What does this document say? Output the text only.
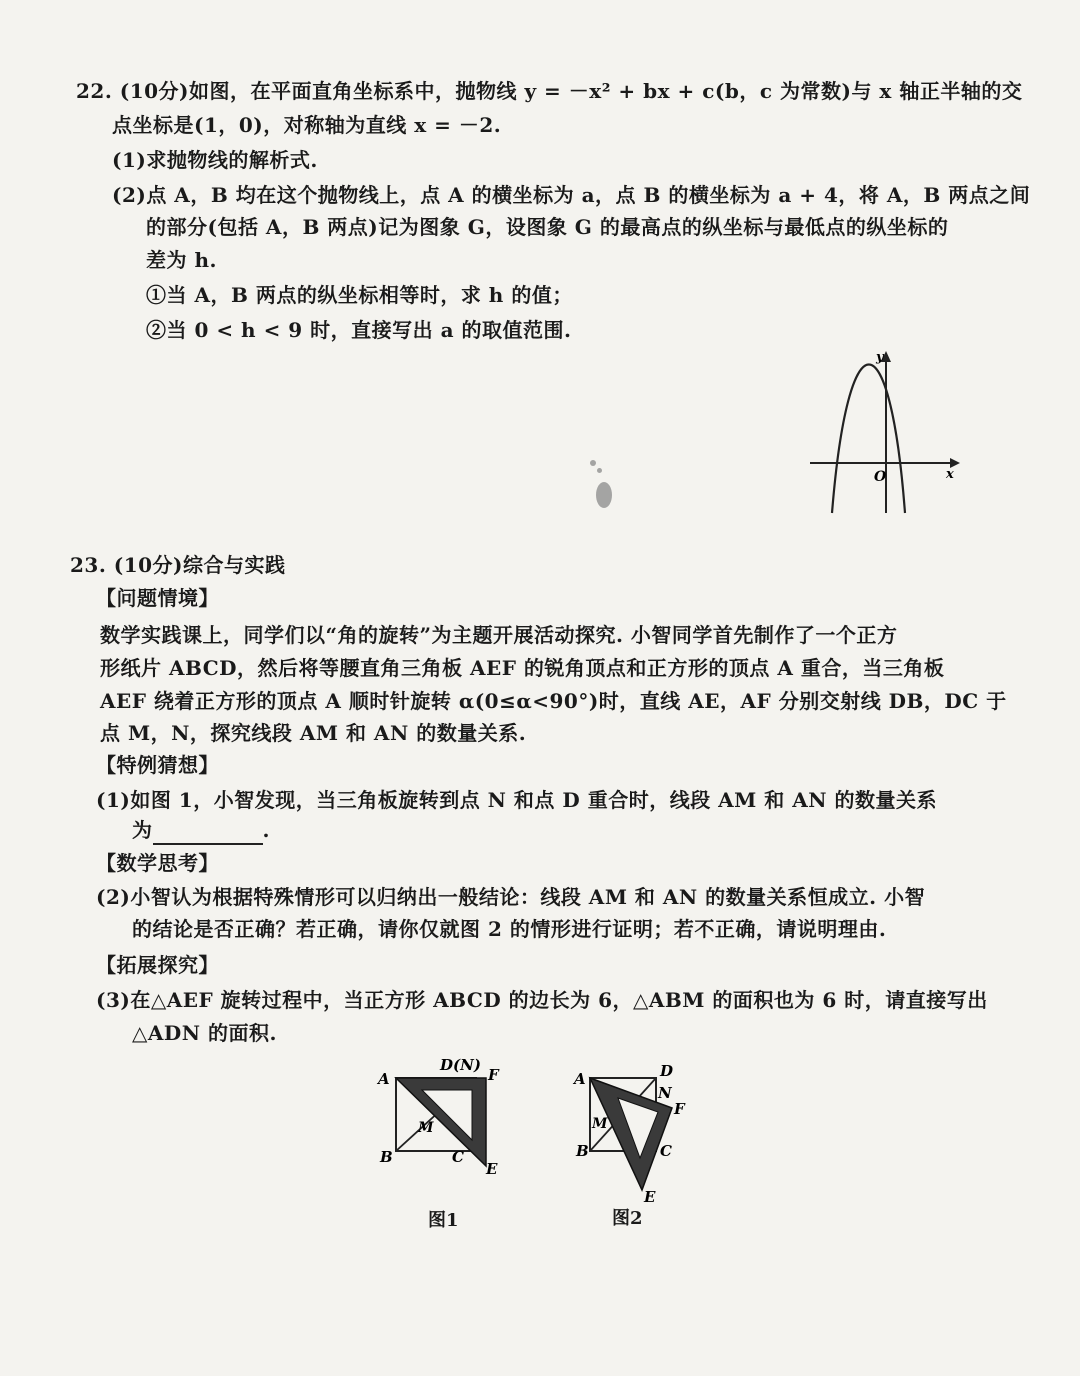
22. (10分)如图，在平面直角坐标系中，抛物线 y = －x² + bx + c(b，c 为常数)与 x 轴正半轴的交
点坐标是(1，0)，对称轴为直线 x = －2.
(1)求抛物线的解析式.
(2)点 A，B 均在这个抛物线上，点 A 的横坐标为 a，点 B 的横坐标为 a + 4，将 A，B 两点之间
的部分(包括 A，B 两点)记为图象 G，设图象 G 的最高点的纵坐标与最低点的纵坐标的
差为 h.
①当 A，B 两点的纵坐标相等时，求 h 的值；
②当 0 < h < 9 时，直接写出 a 的取值范围.
O
y
x
23. (10分)综合与实践
【问题情境】
数学实践课上，同学们以“角的旋转”为主题开展活动探究. 小智同学首先制作了一个正方
形纸片 ABCD，然后将等腰直角三角板 AEF 的锐角顶点和正方形的顶点 A 重合，当三角板
AEF 绕着正方形的顶点 A 顺时针旋转 α(0≤α<90°)时，直线 AE，AF 分别交射线 DB，DC 于
点 M，N，探究线段 AM 和 AN 的数量关系.
【特例猜想】
(1)如图 1，小智发现，当三角板旋转到点 N 和点 D 重合时，线段 AM 和 AN 的数量关系
为	.
【数学思考】
(2)小智认为根据特殊情形可以归纳出一般结论：线段 AM 和 AN 的数量关系恒成立. 小智
的结论是否正确？若正确，请你仅就图 2 的情形进行证明；若不正确，请说明理由.
【拓展探究】
(3)在△AEF 旋转过程中，当正方形 ABCD 的边长为 6，△ABM 的面积也为 6 时，请直接写出
△ADN 的面积.
A
D(N)
F
M
B	C
E
图1
A	D
N
F
M
B	C
E
图2
